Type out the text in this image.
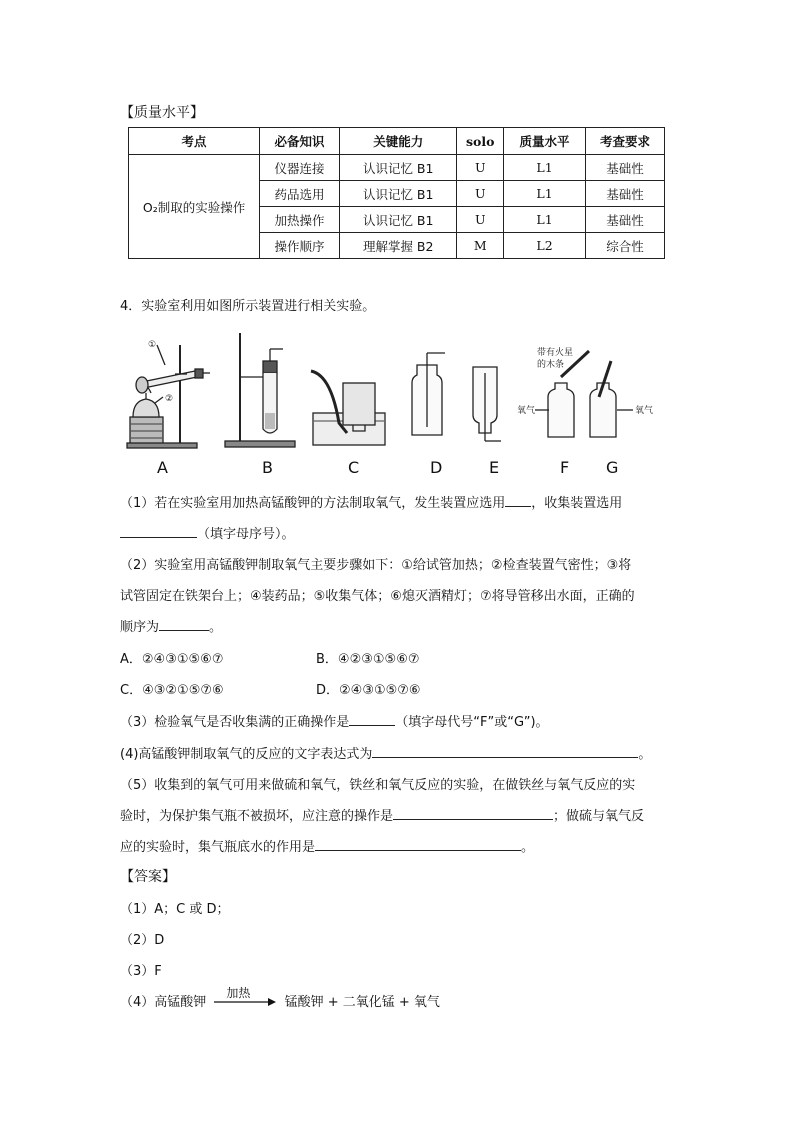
【质量水平】
考点	必备知识	关键能力	solo	质量水平	考查要求
O₂制取的实验操作	仪器连接	认识记忆 B1	U	L1	基础性
	药品选用	认识记忆 B1	U	L1	基础性
	加热操作	认识记忆 B1	U	L1	基础性
	操作顺序	理解掌握 B2	M	L2	综合性
4．实验室利用如图所示装置进行相关实验。
①
②
带有火星
的木条
氧气	氧气
A	B	C	D	E	F G
（1）若在实验室用加热高锰酸钾的方法制取氧气，发生装置应选用 ，收集装置选用
（填字母序号）。
（2）实验室用高锰酸钾制取氧气主要步骤如下：①给试管加热；②检查装置气密性；③将
试管固定在铁架台上；④装药品；⑤收集气体；⑥熄灭酒精灯；⑦将导管移出水面，正确的
顺序为	。
A．②④③①⑤⑥⑦	B．④②③①⑤⑥⑦
C．④③②①⑤⑦⑥	D．②④③①⑤⑦⑥
（3）检验氧气是否收集满的正确操作是	（填字母代号“F”或“G”)。
(4)高锰酸钾制取氧气的反应的文字表达式为	。
（5）收集到的氧气可用来做硫和氧气，铁丝和氧气反应的实验，在做铁丝与氧气反应的实
验时，为保护集气瓶不被损坏，应注意的操作是	；做硫与氧气反
应的实验时，集气瓶底水的作用是	。
【答案】
（1）A；C 或 D；
（2）D
（3）F
（4）高锰酸钾
加热
锰酸钾 + 二氧化锰 + 氧气
